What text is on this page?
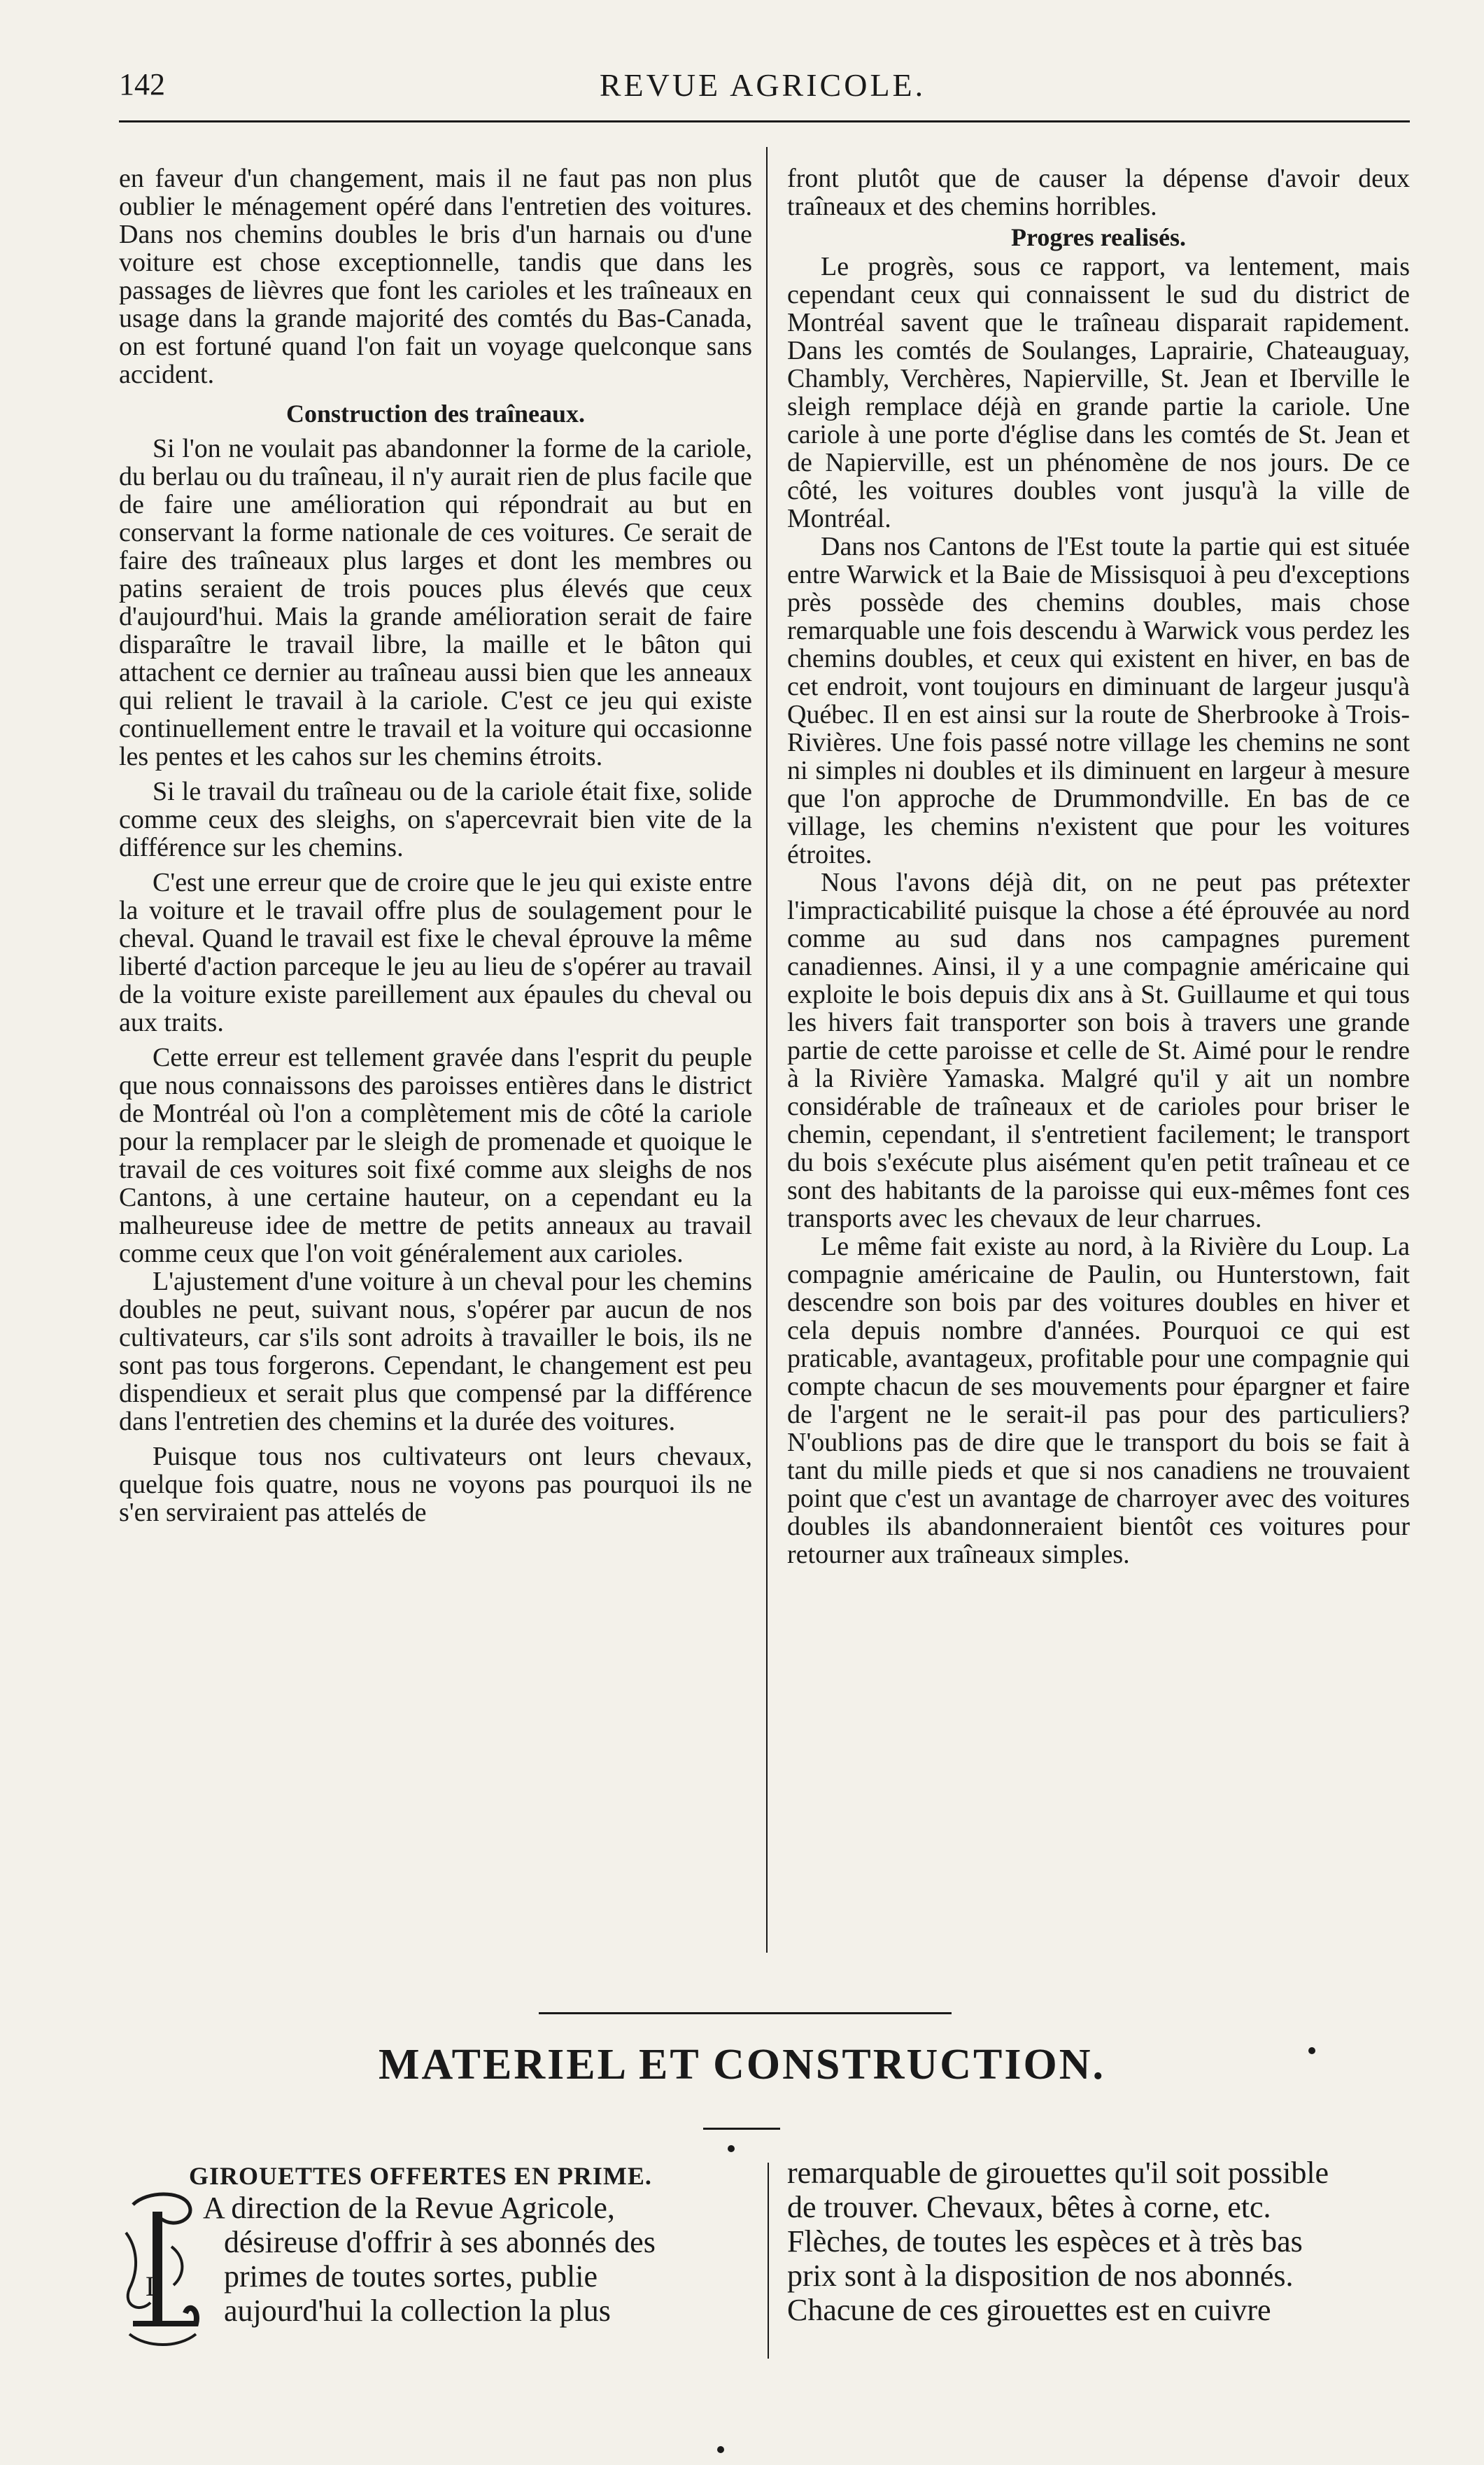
142	REVUE AGRICOLE.

en faveur d'un changement, mais il ne faut pas non plus oublier le ménagement opéré dans l'entretien des voitures. Dans nos chemins doubles le bris d'un harnais ou d'une voiture est chose exceptionnelle, tandis que dans les passages de lièvres que font les carioles et les traîneaux en usage dans la grande majorité des comtés du Bas-Canada, on est fortuné quand l'on fait un voyage quelconque sans accident.

Construction des traîneaux.

Si l'on ne voulait pas abandonner la forme de la cariole, du berlau ou du traîneau, il n'y aurait rien de plus facile que de faire une amélioration qui répondrait au but en conservant la forme nationale de ces voitures. Ce serait de faire des traîneaux plus larges et dont les membres ou patins seraient de trois pouces plus élevés que ceux d'aujourd'hui. Mais la grande amélioration serait de faire disparaître le travail libre, la maille et le bâton qui attachent ce dernier au traîneau aussi bien que les anneaux qui relient le travail à la cariole. C'est ce jeu qui existe continuellement entre le travail et la voiture qui occasionne les pentes et les cahos sur les chemins étroits.

Si le travail du traîneau ou de la cariole était fixe, solide comme ceux des sleighs, on s'apercevrait bien vite de la différence sur les chemins.

C'est une erreur que de croire que le jeu qui existe entre la voiture et le travail offre plus de soulagement pour le cheval. Quand le travail est fixe le cheval éprouve la même liberté d'action parceque le jeu au lieu de s'opérer au travail de la voiture existe pareillement aux épaules du cheval ou aux traits.

Cette erreur est tellement gravée dans l'esprit du peuple que nous connaissons des paroisses entières dans le district de Montréal où l'on a complètement mis de côté la cariole pour la remplacer par le sleigh de promenade et quoique le travail de ces voitures soit fixé comme aux sleighs de nos Cantons, à une certaine hauteur, on a cependant eu la malheureuse idee de mettre de petits anneaux au travail comme ceux que l'on voit généralement aux carioles.

L'ajustement d'une voiture à un cheval pour les chemins doubles ne peut, suivant nous, s'opérer par aucun de nos cultivateurs, car s'ils sont adroits à travailler le bois, ils ne sont pas tous forgerons. Cependant, le changement est peu dispendieux et serait plus que compensé par la différence dans l'entretien des chemins et la durée des voitures.

Puisque tous nos cultivateurs ont leurs chevaux, quelque fois quatre, nous ne voyons pas pourquoi ils ne s'en serviraient pas attelés de

front plutôt que de causer la dépense d'avoir deux traîneaux et des chemins horribles.

Progres realisés.

Le progrès, sous ce rapport, va lentement, mais cependant ceux qui connaissent le sud du district de Montréal savent que le traîneau disparait rapidement. Dans les comtés de Soulanges, Laprairie, Chateauguay, Chambly, Verchères, Napierville, St. Jean et Iberville le sleigh remplace déjà en grande partie la cariole. Une cariole à une porte d'église dans les comtés de St. Jean et de Napierville, est un phénomène de nos jours. De ce côté, les voitures doubles vont jusqu'à la ville de Montréal.

Dans nos Cantons de l'Est toute la partie qui est située entre Warwick et la Baie de Missisquoi à peu d'exceptions près possède des chemins doubles, mais chose remarquable une fois descendu à Warwick vous perdez les chemins doubles, et ceux qui existent en hiver, en bas de cet endroit, vont toujours en diminuant de largeur jusqu'à Québec. Il en est ainsi sur la route de Sherbrooke à Trois-Rivières. Une fois passé notre village les chemins ne sont ni simples ni doubles et ils diminuent en largeur à mesure que l'on approche de Drummondville. En bas de ce village, les chemins n'existent que pour les voitures étroites.

Nous l'avons déjà dit, on ne peut pas prétexter l'impracticabilité puisque la chose a été éprouvée au nord comme au sud dans nos campagnes purement canadiennes. Ainsi, il y a une compagnie américaine qui exploite le bois depuis dix ans à St. Guillaume et qui tous les hivers fait transporter son bois à travers une grande partie de cette paroisse et celle de St. Aimé pour le rendre à la Rivière Yamaska. Malgré qu'il y ait un nombre considérable de traîneaux et de carioles pour briser le chemin, cependant, il s'entretient facilement; le transport du bois s'exécute plus aisément qu'en petit traîneau et ce sont des habitants de la paroisse qui eux-mêmes font ces transports avec les chevaux de leur charrues.

Le même fait existe au nord, à la Rivière du Loup. La compagnie américaine de Paulin, ou Hunterstown, fait descendre son bois par des voitures doubles en hiver et cela depuis nombre d'années. Pourquoi ce qui est praticable, avantageux, profitable pour une compagnie qui compte chacun de ses mouvements pour épargner et faire de l'argent ne le serait-il pas pour des particuliers? N'oublions pas de dire que le transport du bois se fait à tant du mille pieds et que si nos canadiens ne trouvaient point que c'est un avantage de charroyer avec des voitures doubles ils abandonneraient bientôt ces voitures pour retourner aux traîneaux simples.

MATERIEL ET CONSTRUCTION.
GIROUETTES OFFERTES EN PRIME.
L
A direction de la Revue Agricole,
désireuse d'offrir à ses abonnés des
primes de toutes sortes, publie
aujourd'hui la collection la plus
remarquable de girouettes qu'il soit possible
de trouver. Chevaux, bêtes à corne, etc.
Flèches, de toutes les espèces et à très bas
prix sont à la disposition de nos abonnés.
Chacune de ces girouettes est en cuivre
